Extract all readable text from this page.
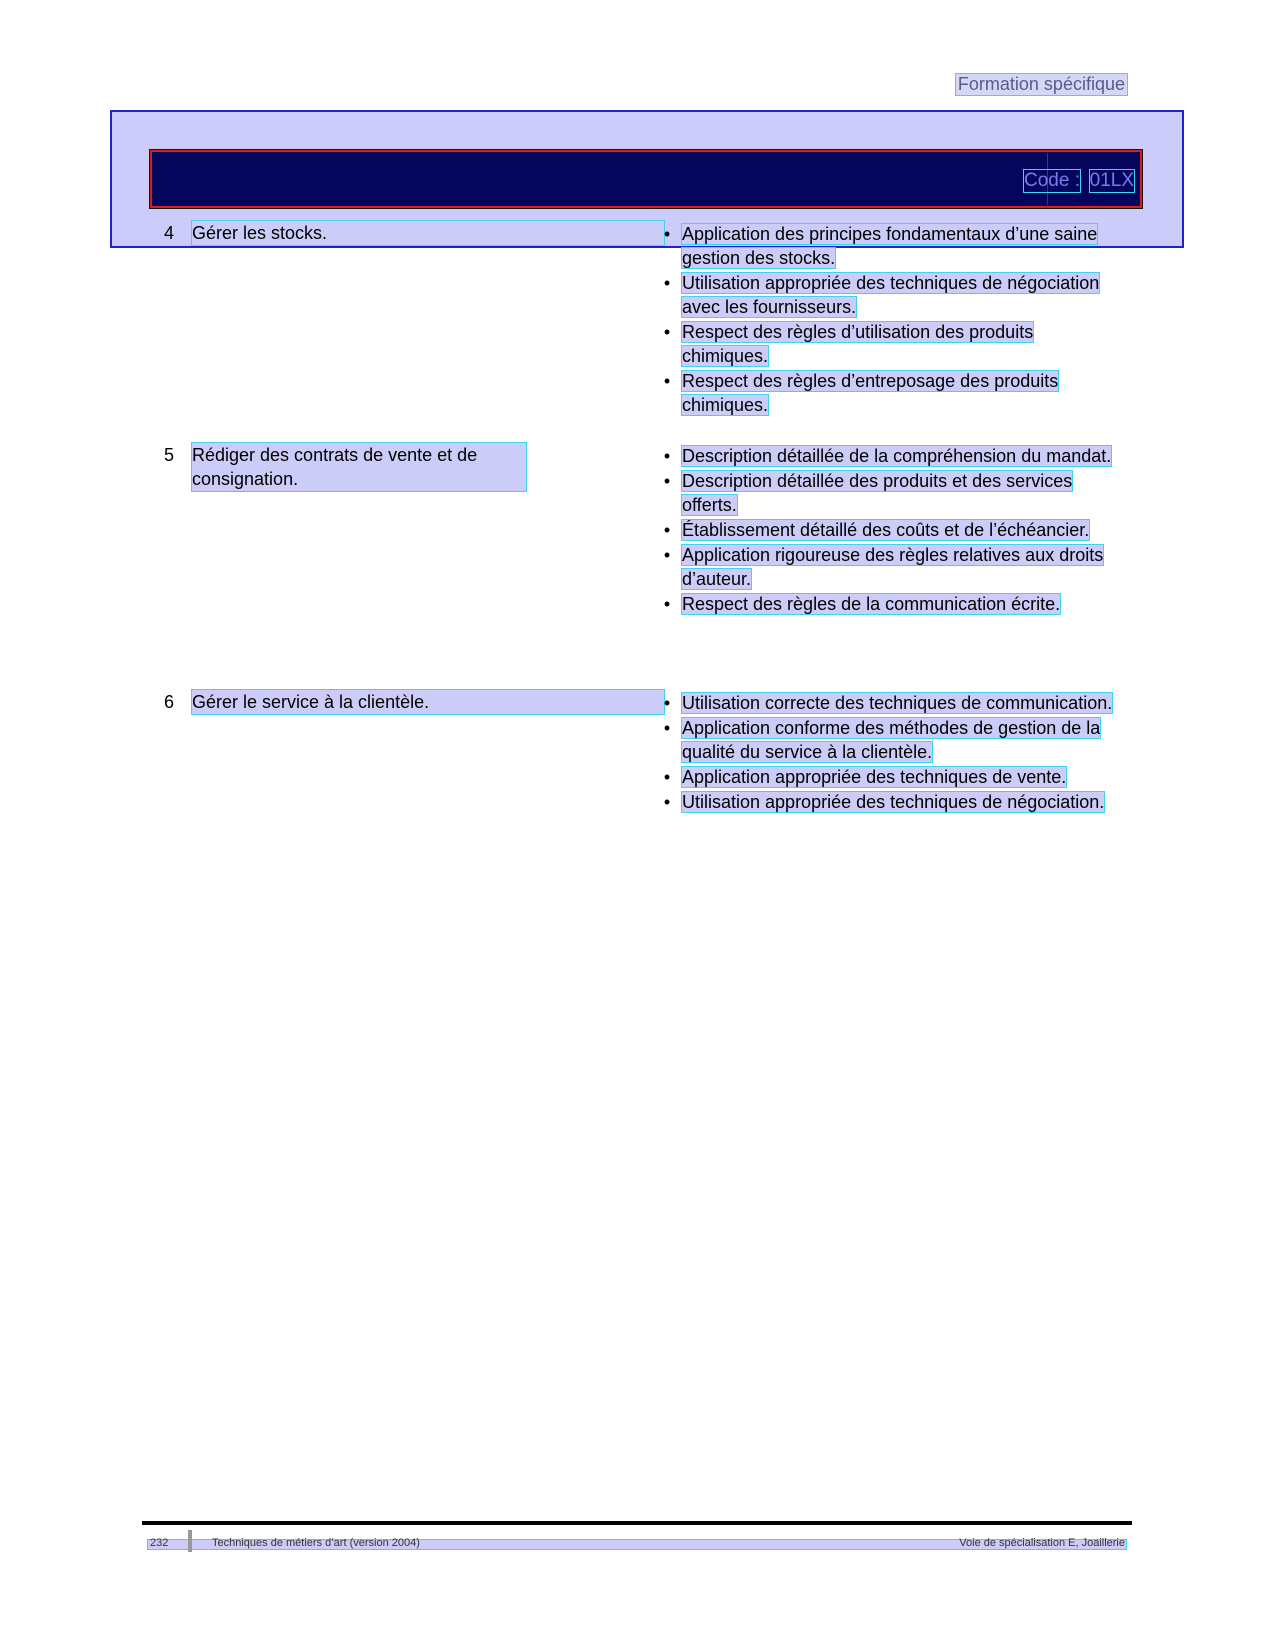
Formation spécifique
Code : 01LX
4 Gérer les stocks.	• Application des principes fondamentaux d’une saine gestion des stocks.
• Utilisation appropriée des techniques de négociation avec les fournisseurs.
• Respect des règles d’utilisation des produits chimiques.
• Respect des règles d’entreposage des produits chimiques.
5 Rédiger des contrats de vente et de consignation.
• Description détaillée de la compréhension du mandat.
• Description détaillée des produits et des services offerts.
• Établissement détaillé des coûts et de l’échéancier.
• Application rigoureuse des règles relatives aux droits d’auteur.
• Respect des règles de la communication écrite.
6 Gérer le service à la clientèle.	• Utilisation correcte des techniques de communication.
• Application conforme des méthodes de gestion de la qualité du service à la clientèle.
• Application appropriée des techniques de vente.
• Utilisation appropriée des techniques de négociation.
232	Techniques de métiers d’art (version 2004)	Voie de spécialisation E, Joaillerie
